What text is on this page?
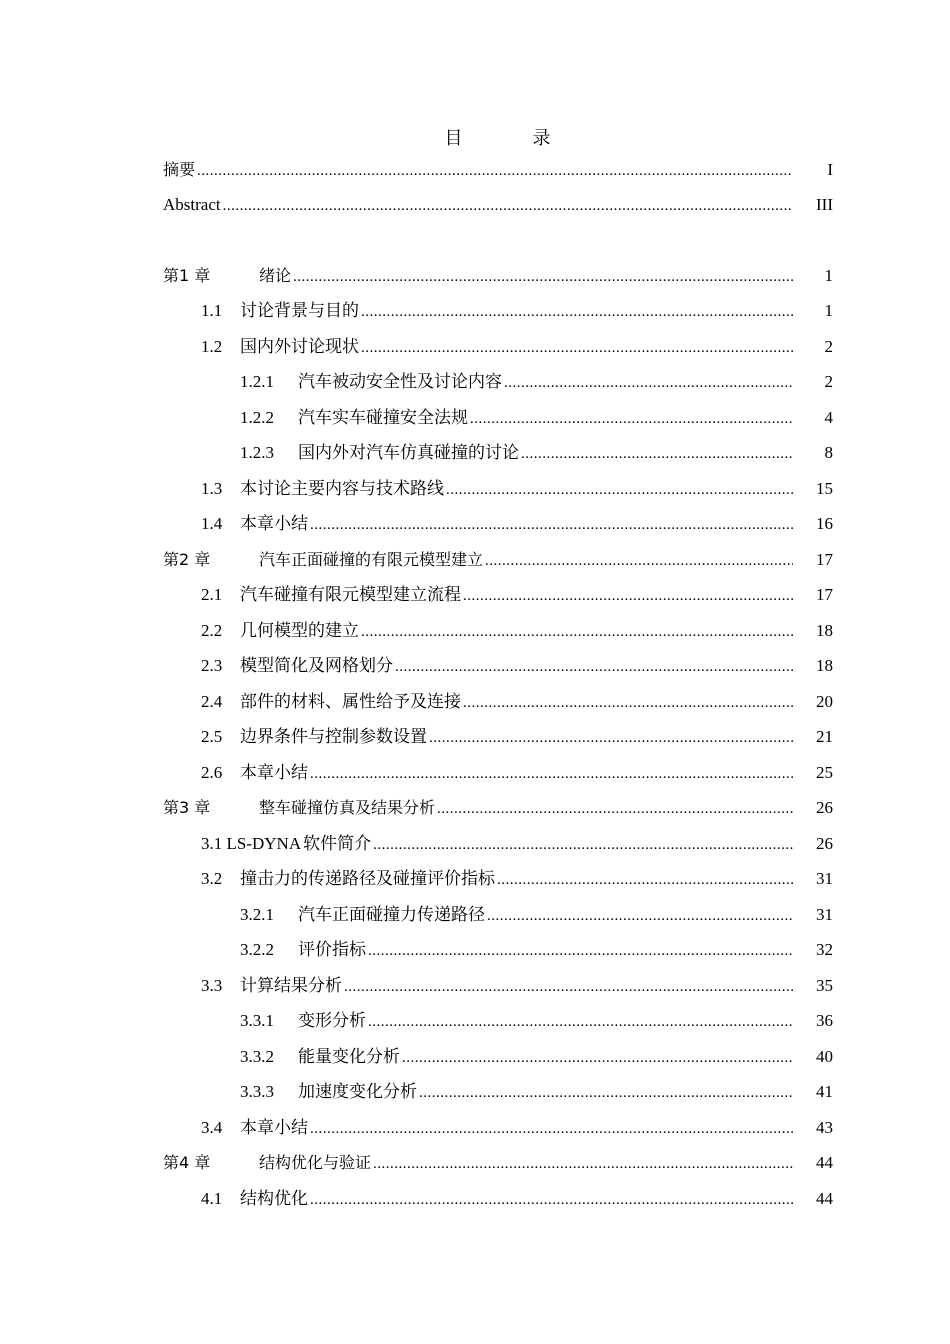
目	录
摘要 .....	I
Abstract .....	III
第1 章	绪论 .....	1
1.1	讨论背景与目的 .....	1
1.2	国内外讨论现状 .....	2
1.2.1	汽车被动安全性及讨论内容 .....	2
1.2.2	汽车实车碰撞安全法规 .....	4
1.2.3	国内外对汽车仿真碰撞的讨论 .....	8
1.3	本讨论主要内容与技术路线 .....	15
1.4	本章小结 .....	16
第2 章	汽车正面碰撞的有限元模型建立 .....	17
2.1	汽车碰撞有限元模型建立流程 .....	17
2.2	几何模型的建立 .....	18
2.3	模型简化及网格划分 .....	18
2.4	部件的材料、属性给予及连接 .....	20
2.5	边界条件与控制参数设置 .....	21
2.6	本章小结 .....	25
第3 章	整车碰撞仿真及结果分析 .....	26
3.1 LS-DYNA 软件简介 .....	26
3.2	撞击力的传递路径及碰撞评价指标 .....	31
3.2.1	汽车正面碰撞力传递路径 .....	31
3.2.2	评价指标 .....	32
3.3	计算结果分析 .....	35
3.3.1	变形分析 .....	36
3.3.2	能量变化分析 .....	40
3.3.3	加速度变化分析 .....	41
3.4	本章小结 .....	43
第4 章	结构优化与验证 .....	44
4.1	结构优化 .....	44
